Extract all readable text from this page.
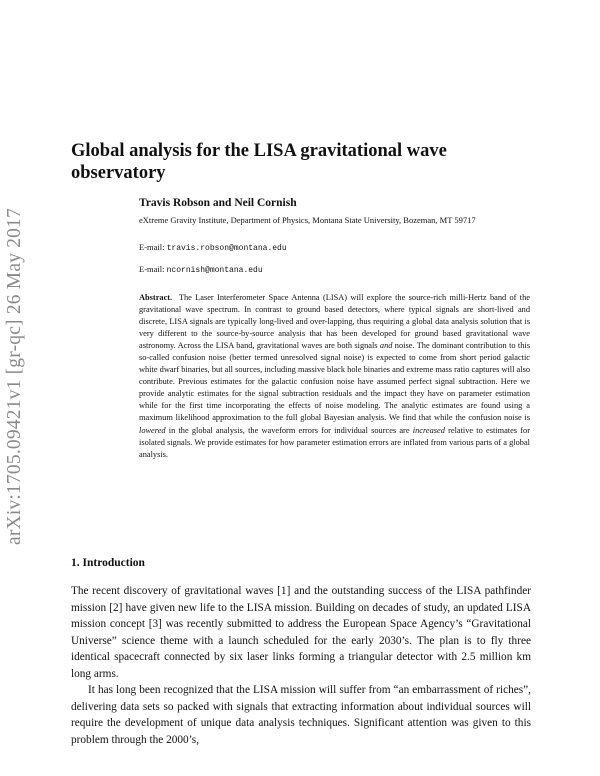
arXiv:1705.09421v1 [gr-qc] 26 May 2017
Global analysis for the LISA gravitational wave observatory
Travis Robson and Neil Cornish
eXtreme Gravity Institute, Department of Physics, Montana State University, Bozeman, MT 59717
E-mail: travis.robson@montana.edu
E-mail: ncornish@montana.edu

Abstract. The Laser Interferometer Space Antenna (LISA) will explore the source-rich milli-Hertz band of the gravitational wave spectrum. In contrast to ground based detectors, where typical signals are short-lived and discrete, LISA signals are typically long-lived and over-lapping, thus requiring a global data analysis solution that is very different to the source-by-source analysis that has been developed for ground based gravitational wave astronomy. Across the LISA band, gravitational waves are both signals and noise. The dominant contribution to this so-called confusion noise (better termed unresolved signal noise) is expected to come from short period galactic white dwarf binaries, but all sources, including massive black hole binaries and extreme mass ratio captures will also contribute. Previous estimates for the galactic confusion noise have assumed perfect signal subtraction. Here we provide analytic estimates for the signal subtraction residuals and the impact they have on parameter estimation while for the first time incorporating the effects of noise modeling. The analytic estimates are found using a maximum likelihood approximation to the full global Bayesian analysis. We find that while the confusion noise is lowered in the global analysis, the waveform errors for individual sources are increased relative to estimates for isolated signals. We provide estimates for how parameter estimation errors are inflated from various parts of a global analysis.

1. Introduction

The recent discovery of gravitational waves [1] and the outstanding success of the LISA pathfinder mission [2] have given new life to the LISA mission. Building on decades of study, an updated LISA mission concept [3] was recently submitted to address the European Space Agency’s “Gravitational Universe” science theme with a launch scheduled for the early 2030’s. The plan is to fly three identical spacecraft connected by six laser links forming a triangular detector with 2.5 million km long arms.

It has long been recognized that the LISA mission will suffer from “an embarrassment of riches”, delivering data sets so packed with signals that extracting information about individual sources will require the development of unique data analysis techniques. Significant attention was given to this problem through the 2000’s,
